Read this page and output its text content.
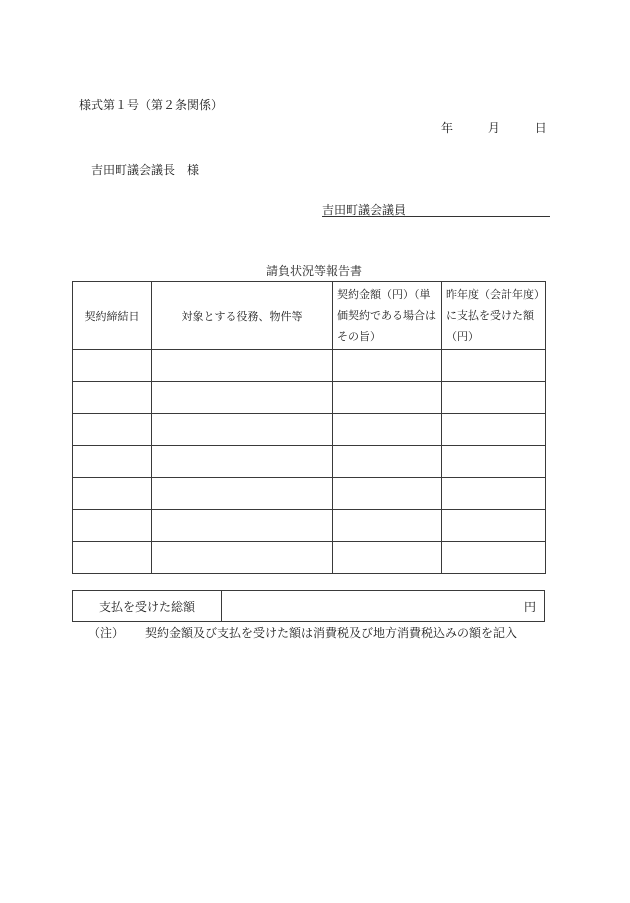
様式第１号（第２条関係）
年	月	日
吉田町議会議長　様
吉田町議会議員
請負状況等報告書
契約締結日	対象とする役務、物件等	契約金額（円）（単価契約である場合はその旨）	昨年度（会計年度）に支払を受けた額（円）

支払を受けた総額	円
（注） 契約金額及び支払を受けた額は消費税及び地方消費税込みの額を記入
